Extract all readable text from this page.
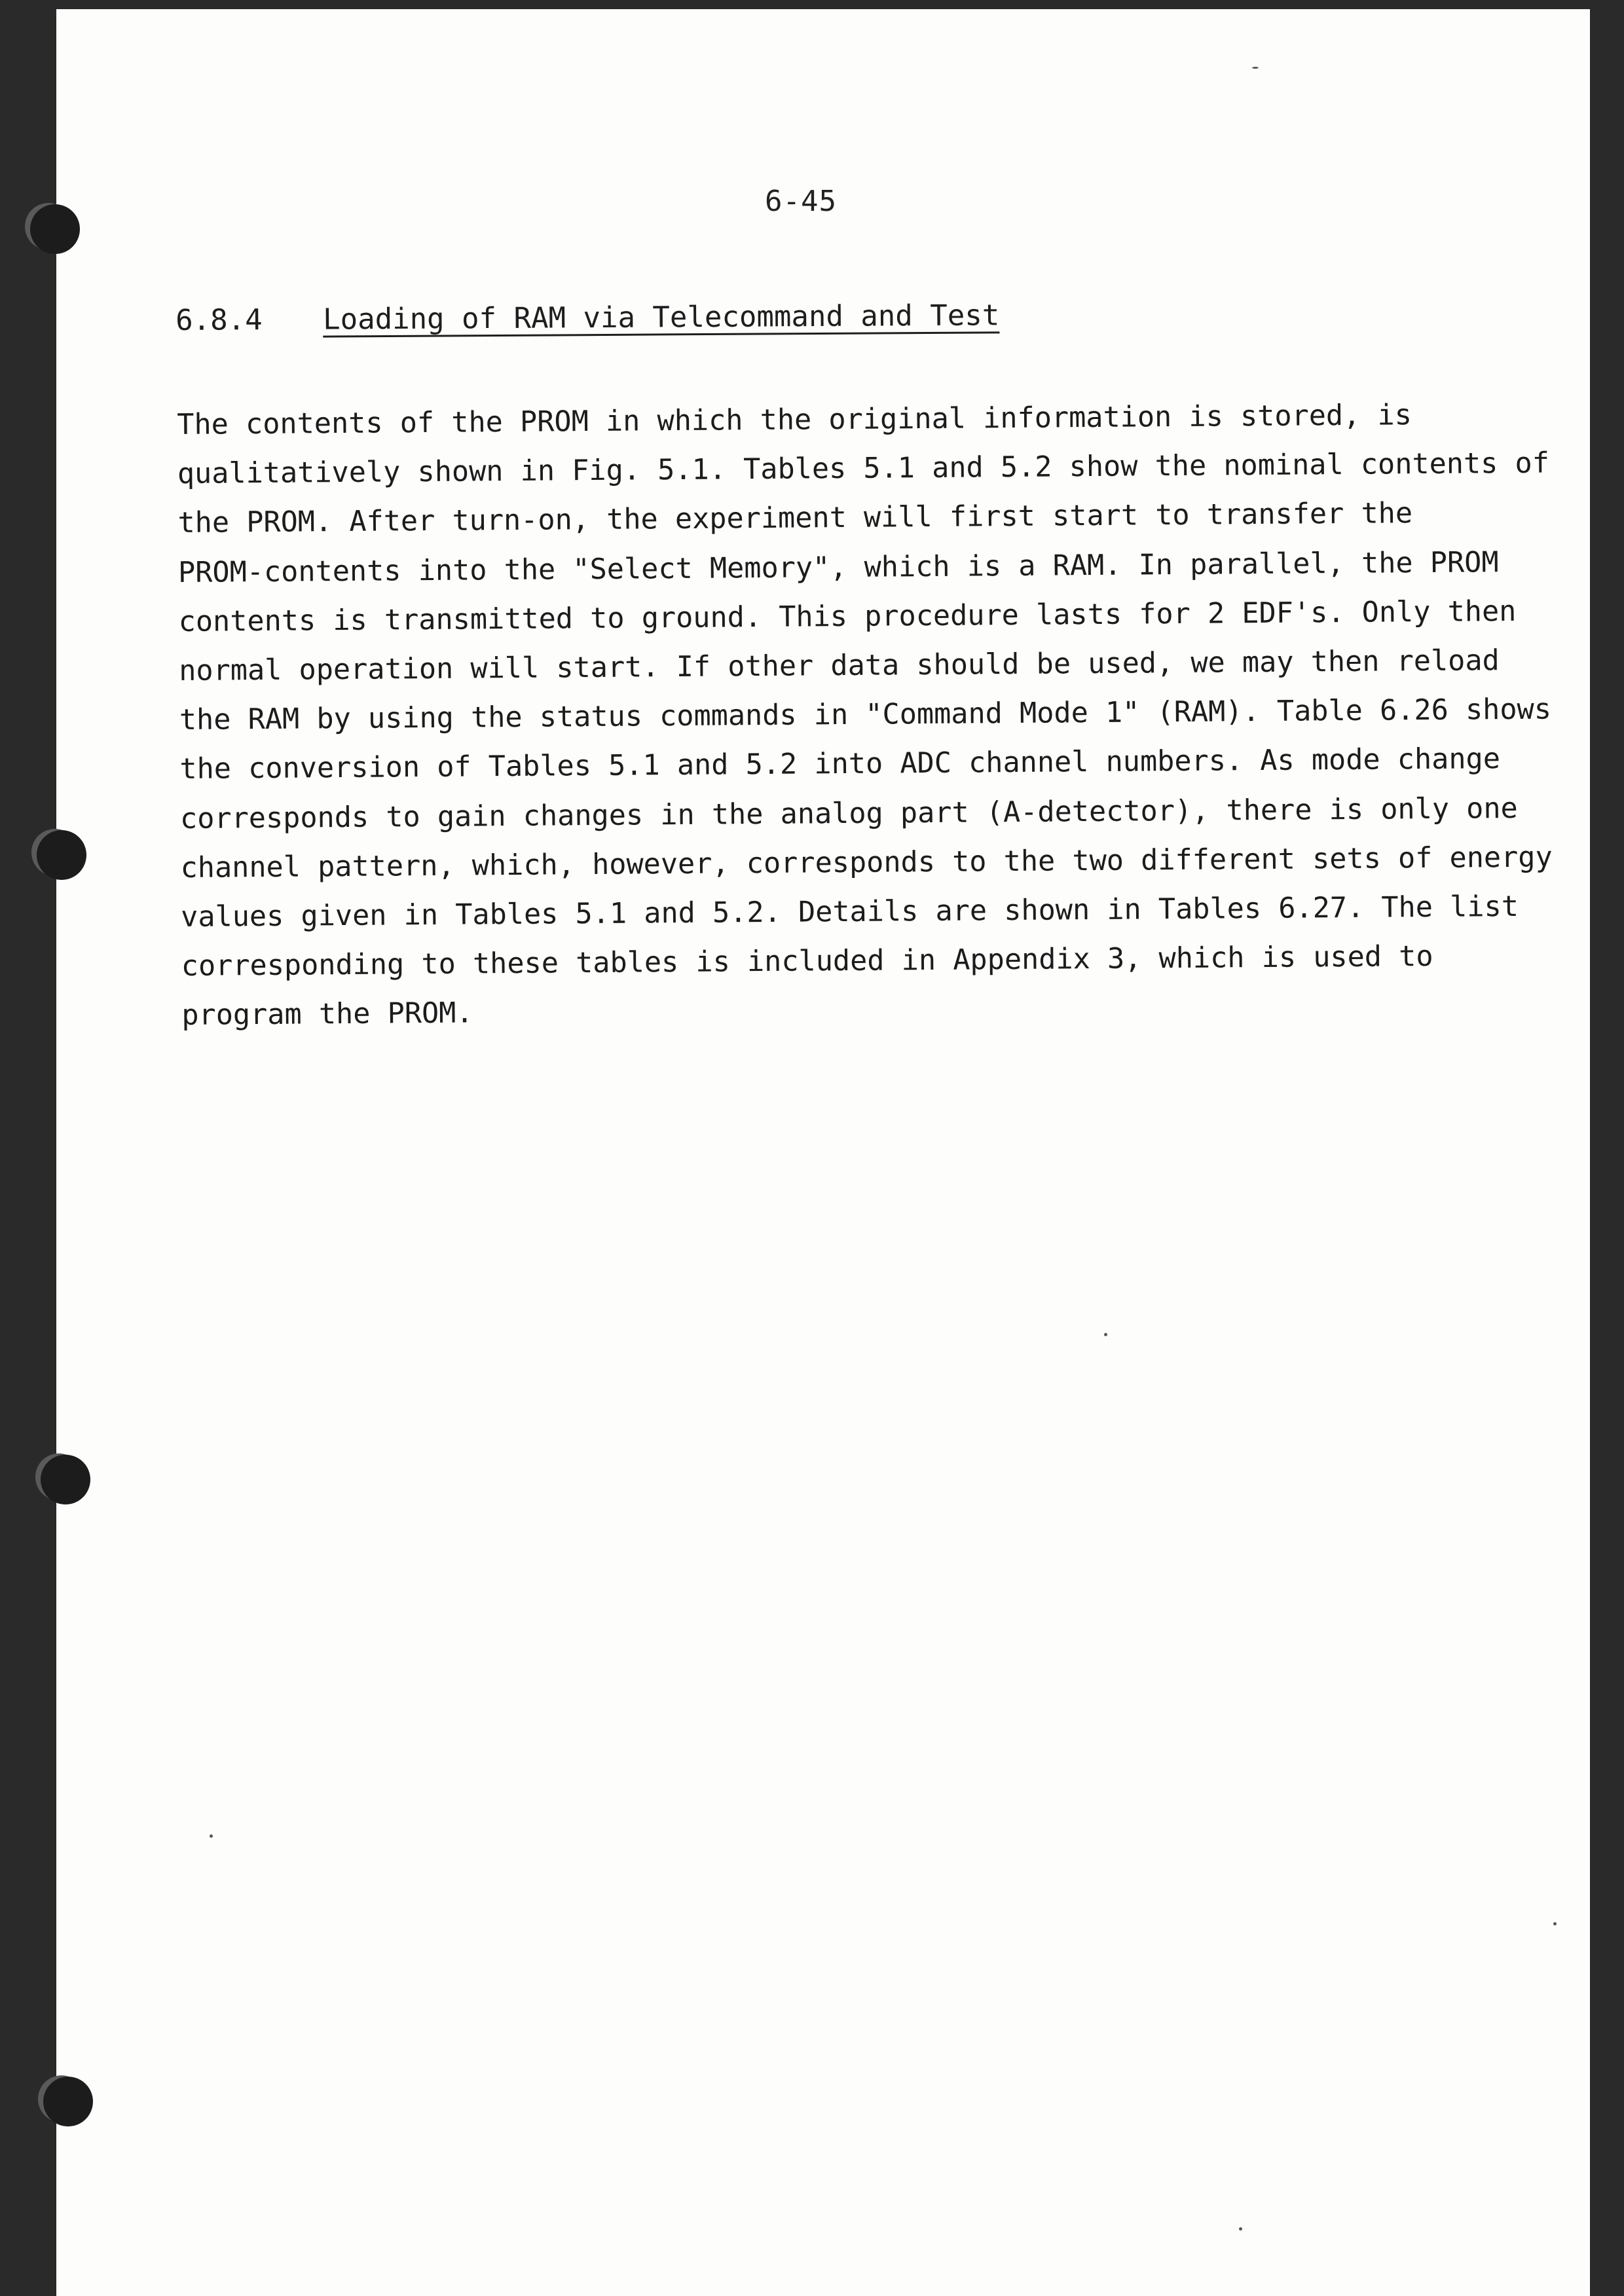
6-45
6.8.4 Loading of RAM via Telecommand and Test

The contents of the PROM in which the original information is stored, is
qualitatively shown in Fig. 5.1. Tables 5.1 and 5.2 show the nominal contents of
the PROM. After turn-on, the experiment will first start to transfer the
PROM-contents into the "Select Memory", which is a RAM. In parallel, the PROM
contents is transmitted to ground. This procedure lasts for 2 EDF's. Only then
normal operation will start. If other data should be used, we may then reload
the RAM by using the status commands in "Command Mode 1" (RAM). Table 6.26 shows
the conversion of Tables 5.1 and 5.2 into ADC channel numbers. As mode change
corresponds to gain changes in the analog part (A-detector), there is only one
channel pattern, which, however, corresponds to the two different sets of energy
values given in Tables 5.1 and 5.2. Details are shown in Tables 6.27. The list
corresponding to these tables is included in Appendix 3, which is used to
program the PROM.
